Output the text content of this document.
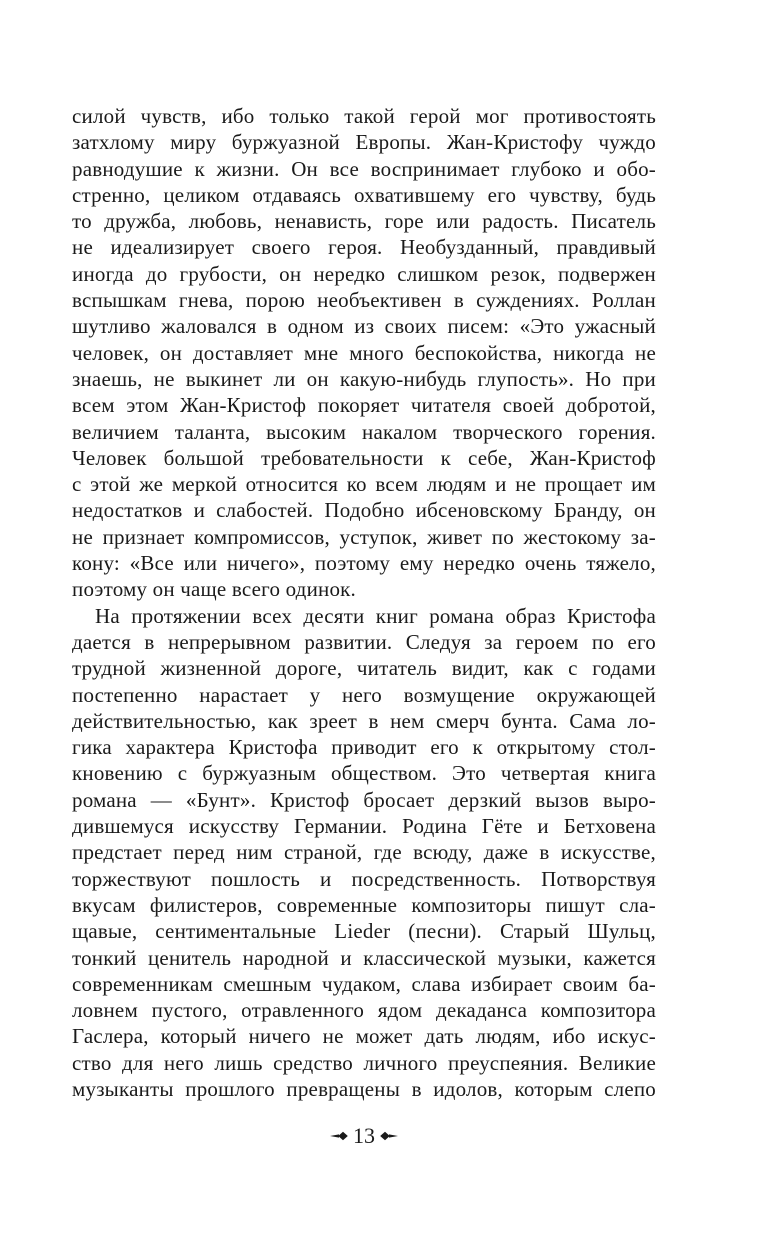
силой чувств, ибо только такой герой мог противостоять
затхлому миру буржуазной Европы. Жан-Кристофу чуждо
равнодушие к жизни. Он все воспринимает глубоко и обо-
стренно, целиком отдаваясь охватившему его чувству, будь
то дружба, любовь, ненависть, горе или радость. Писатель
не идеализирует своего героя. Необузданный, правдивый
иногда до грубости, он нередко слишком резок, подвержен
вспышкам гнева, порою необъективен в суждениях. Роллан
шутливо жаловался в одном из своих писем: «Это ужасный
человек, он доставляет мне много беспокойства, никогда не
знаешь, не выкинет ли он какую-нибудь глупость». Но при
всем этом Жан-Кристоф покоряет читателя своей добротой,
величием таланта, высоким накалом творческого горения.
Человек большой требовательности к себе, Жан-Кристоф
с этой же меркой относится ко всем людям и не прощает им
недостатков и слабостей. Подобно ибсеновскому Бранду, он
не признает компромиссов, уступок, живет по жестокому за-
кону: «Все или ничего», поэтому ему нередко очень тяжело,
поэтому он чаще всего одинок.
На протяжении всех десяти книг романа образ Кристофа
дается в непрерывном развитии. Следуя за героем по его
трудной жизненной дороге, читатель видит, как с годами
постепенно нарастает у него возмущение окружающей
действительностью, как зреет в нем смерч бунта. Сама ло-
гика характера Кристофа приводит его к открытому стол-
кновению с буржуазным обществом. Это четвертая книга
романа — «Бунт». Кристоф бросает дерзкий вызов выро-
дившемуся искусству Германии. Родина Гёте и Бетховена
предстает перед ним страной, где всюду, даже в искусстве,
торжествуют пошлость и посредственность. Потворствуя
вкусам филистеров, современные композиторы пишут сла-
щавые, сентиментальные Lieder (песни). Старый Шульц,
тонкий ценитель народной и классической музыки, кажется
современникам смешным чудаком, слава избирает своим ба-
ловнем пустого, отравленного ядом декаданса композитора
Гаслера, который ничего не может дать людям, ибо искус-
ство для него лишь средство личного преуспеяния. Великие
музыканты прошлого превращены в идолов, которым слепо
13
